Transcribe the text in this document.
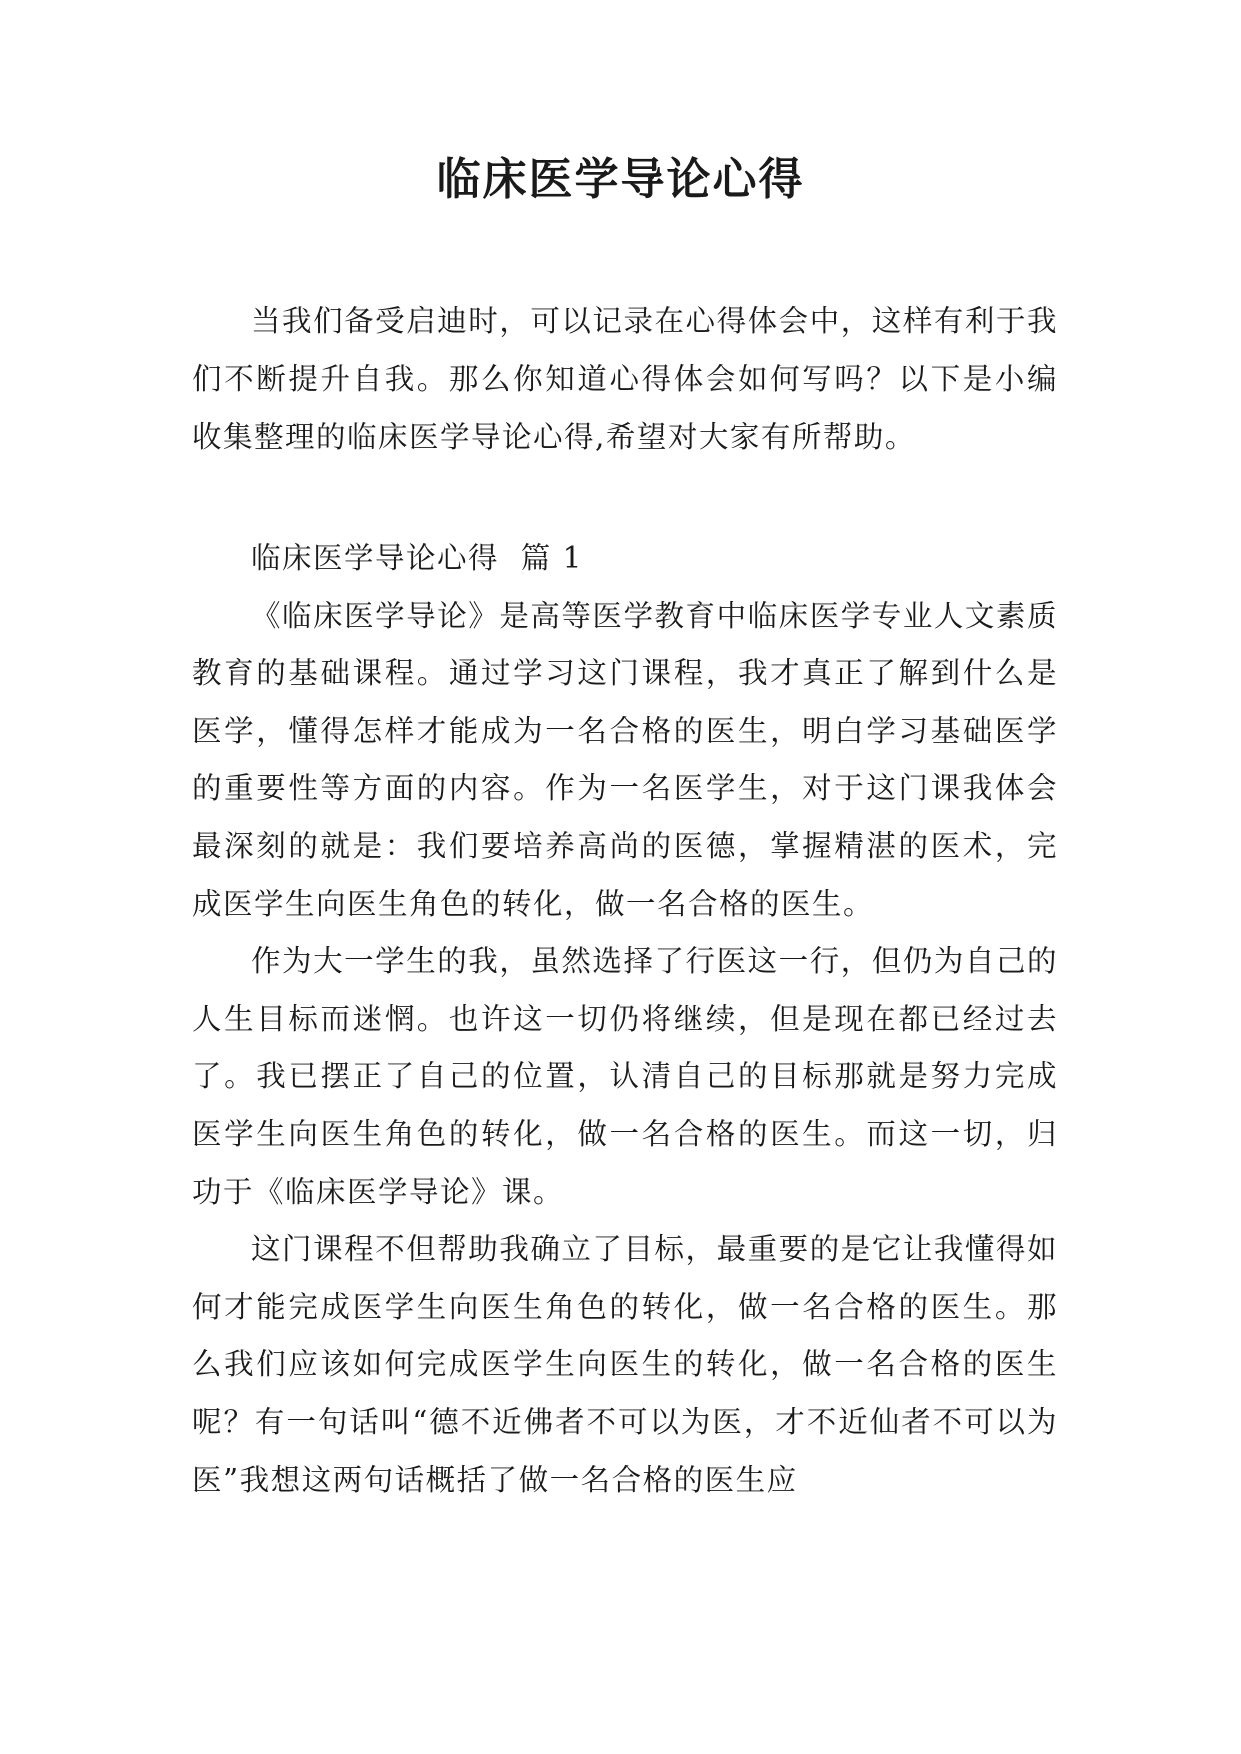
临床医学导论心得

当我们备受启迪时，可以记录在心得体会中，这样有利于我们不断提升自我。那么你知道心得体会如何写吗？以下是小编收集整理的临床医学导论心得,希望对大家有所帮助。

临床医学导论心得  篇 1

《临床医学导论》是高等医学教育中临床医学专业人文素质教育的基础课程。通过学习这门课程，我才真正了解到什么是医学，懂得怎样才能成为一名合格的医生，明白学习基础医学的重要性等方面的内容。作为一名医学生，对于这门课我体会最深刻的就是：我们要培养高尚的医德，掌握精湛的医术，完成医学生向医生角色的转化，做一名合格的医生。

作为大一学生的我，虽然选择了行医这一行，但仍为自己的人生目标而迷惘。也许这一切仍将继续，但是现在都已经过去了。我已摆正了自己的位置，认清自己的目标那就是努力完成医学生向医生角色的转化，做一名合格的医生。而这一切，归功于《临床医学导论》课。

这门课程不但帮助我确立了目标，最重要的是它让我懂得如何才能完成医学生向医生角色的转化，做一名合格的医生。那么我们应该如何完成医学生向医生的转化，做一名合格的医生呢？有一句话叫“德不近佛者不可以为医，才不近仙者不可以为医”我想这两句话概括了做一名合格的医生应
